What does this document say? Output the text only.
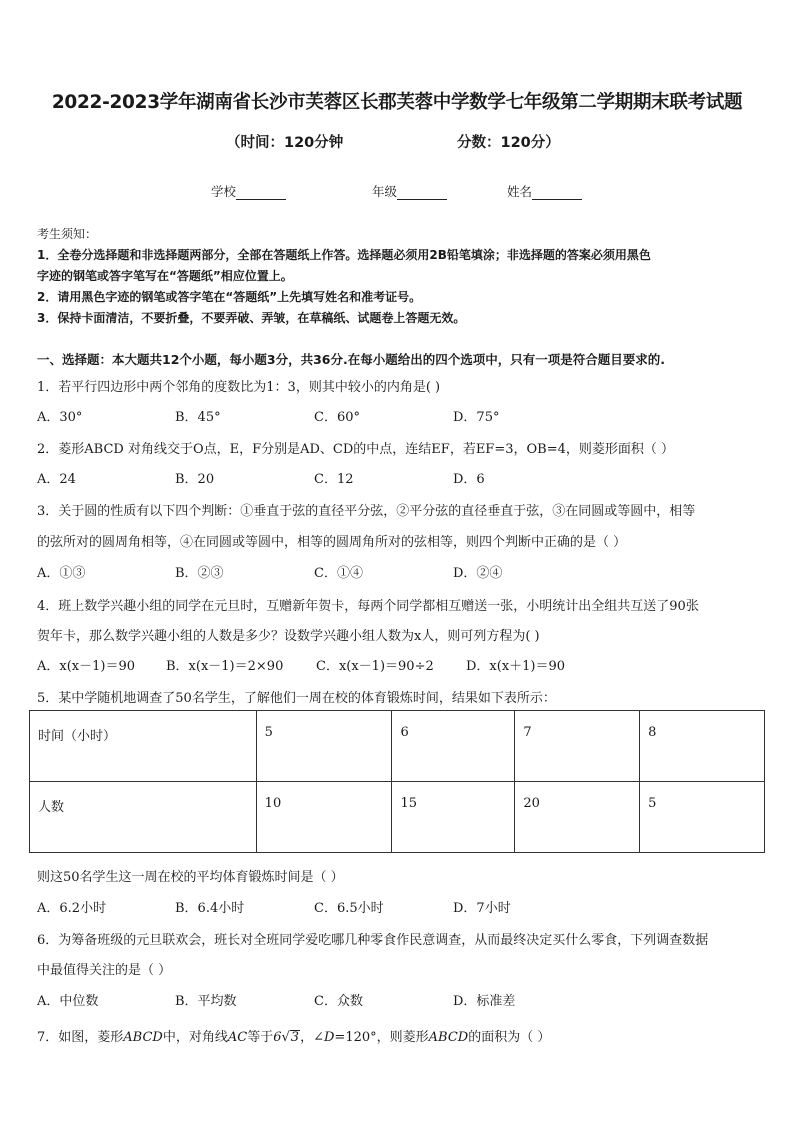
2022-2023学年湖南省长沙市芙蓉区长郡芙蓉中学数学七年级第二学期期末联考试题
（时间：120分钟	分数：120分）
学校	年级	姓名
考生须知：
1．全卷分选择题和非选择题两部分，全部在答题纸上作答。选择题必须用2B铅笔填涂；非选择题的答案必须用黑色
字迹的钢笔或答字笔写在“答题纸”相应位置上。
2．请用黑色字迹的钢笔或答字笔在“答题纸”上先填写姓名和准考证号。
3．保持卡面清洁，不要折叠，不要弄破、弄皱，在草稿纸、试题卷上答题无效。
一、选择题：本大题共12个小题，每小题3分，共36分.在每小题给出的四个选项中，只有一项是符合题目要求的.
1．若平行四边形中两个邻角的度数比为1：3，则其中较小的内角是( )
A．30°	B．45°	C．60°	D．75°
2．菱形ABCD 对角线交于O点，E，F分别是AD、CD的中点，连结EF，若EF=3，OB=4，则菱形面积（ ）
A．24	B．20	C．12	D．6
3．关于圆的性质有以下四个判断：①垂直于弦的直径平分弦，②平分弦的直径垂直于弦，③在同圆或等圆中，相等
的弦所对的圆周角相等，④在同圆或等圆中，相等的圆周角所对的弦相等，则四个判断中正确的是（ ）
A．①③	B．②③	C．①④	D．②④
4．班上数学兴趣小组的同学在元旦时，互赠新年贺卡，每两个同学都相互赠送一张，小明统计出全组共互送了90张
贺年卡，那么数学兴趣小组的人数是多少？设数学兴趣小组人数为x人，则可列方程为( )
A．x(x－1)＝90 B．x(x－1)＝2×90	C．x(x－1)＝90÷2 D．x(x＋1)＝90
5．某中学随机地调查了50名学生，了解他们一周在校的体育锻炼时间，结果如下表所示：
时间（小时）	5	6	7	8
人数	10	15	20	5
则这50名学生这一周在校的平均体育锻炼时间是（ ）
A．6.2小时	B．6.4小时	C．6.5小时	D．7小时
6．为筹备班级的元旦联欢会，班长对全班同学爱吃哪几种零食作民意调查，从而最终决定买什么零食，下列调查数据
中最值得关注的是（ ）
A．中位数	B．平均数	C．众数	D．标准差
7．如图，菱形ABCD中，对角线AC等于6√3，∠D=120°，则菱形ABCD的面积为（ ）
